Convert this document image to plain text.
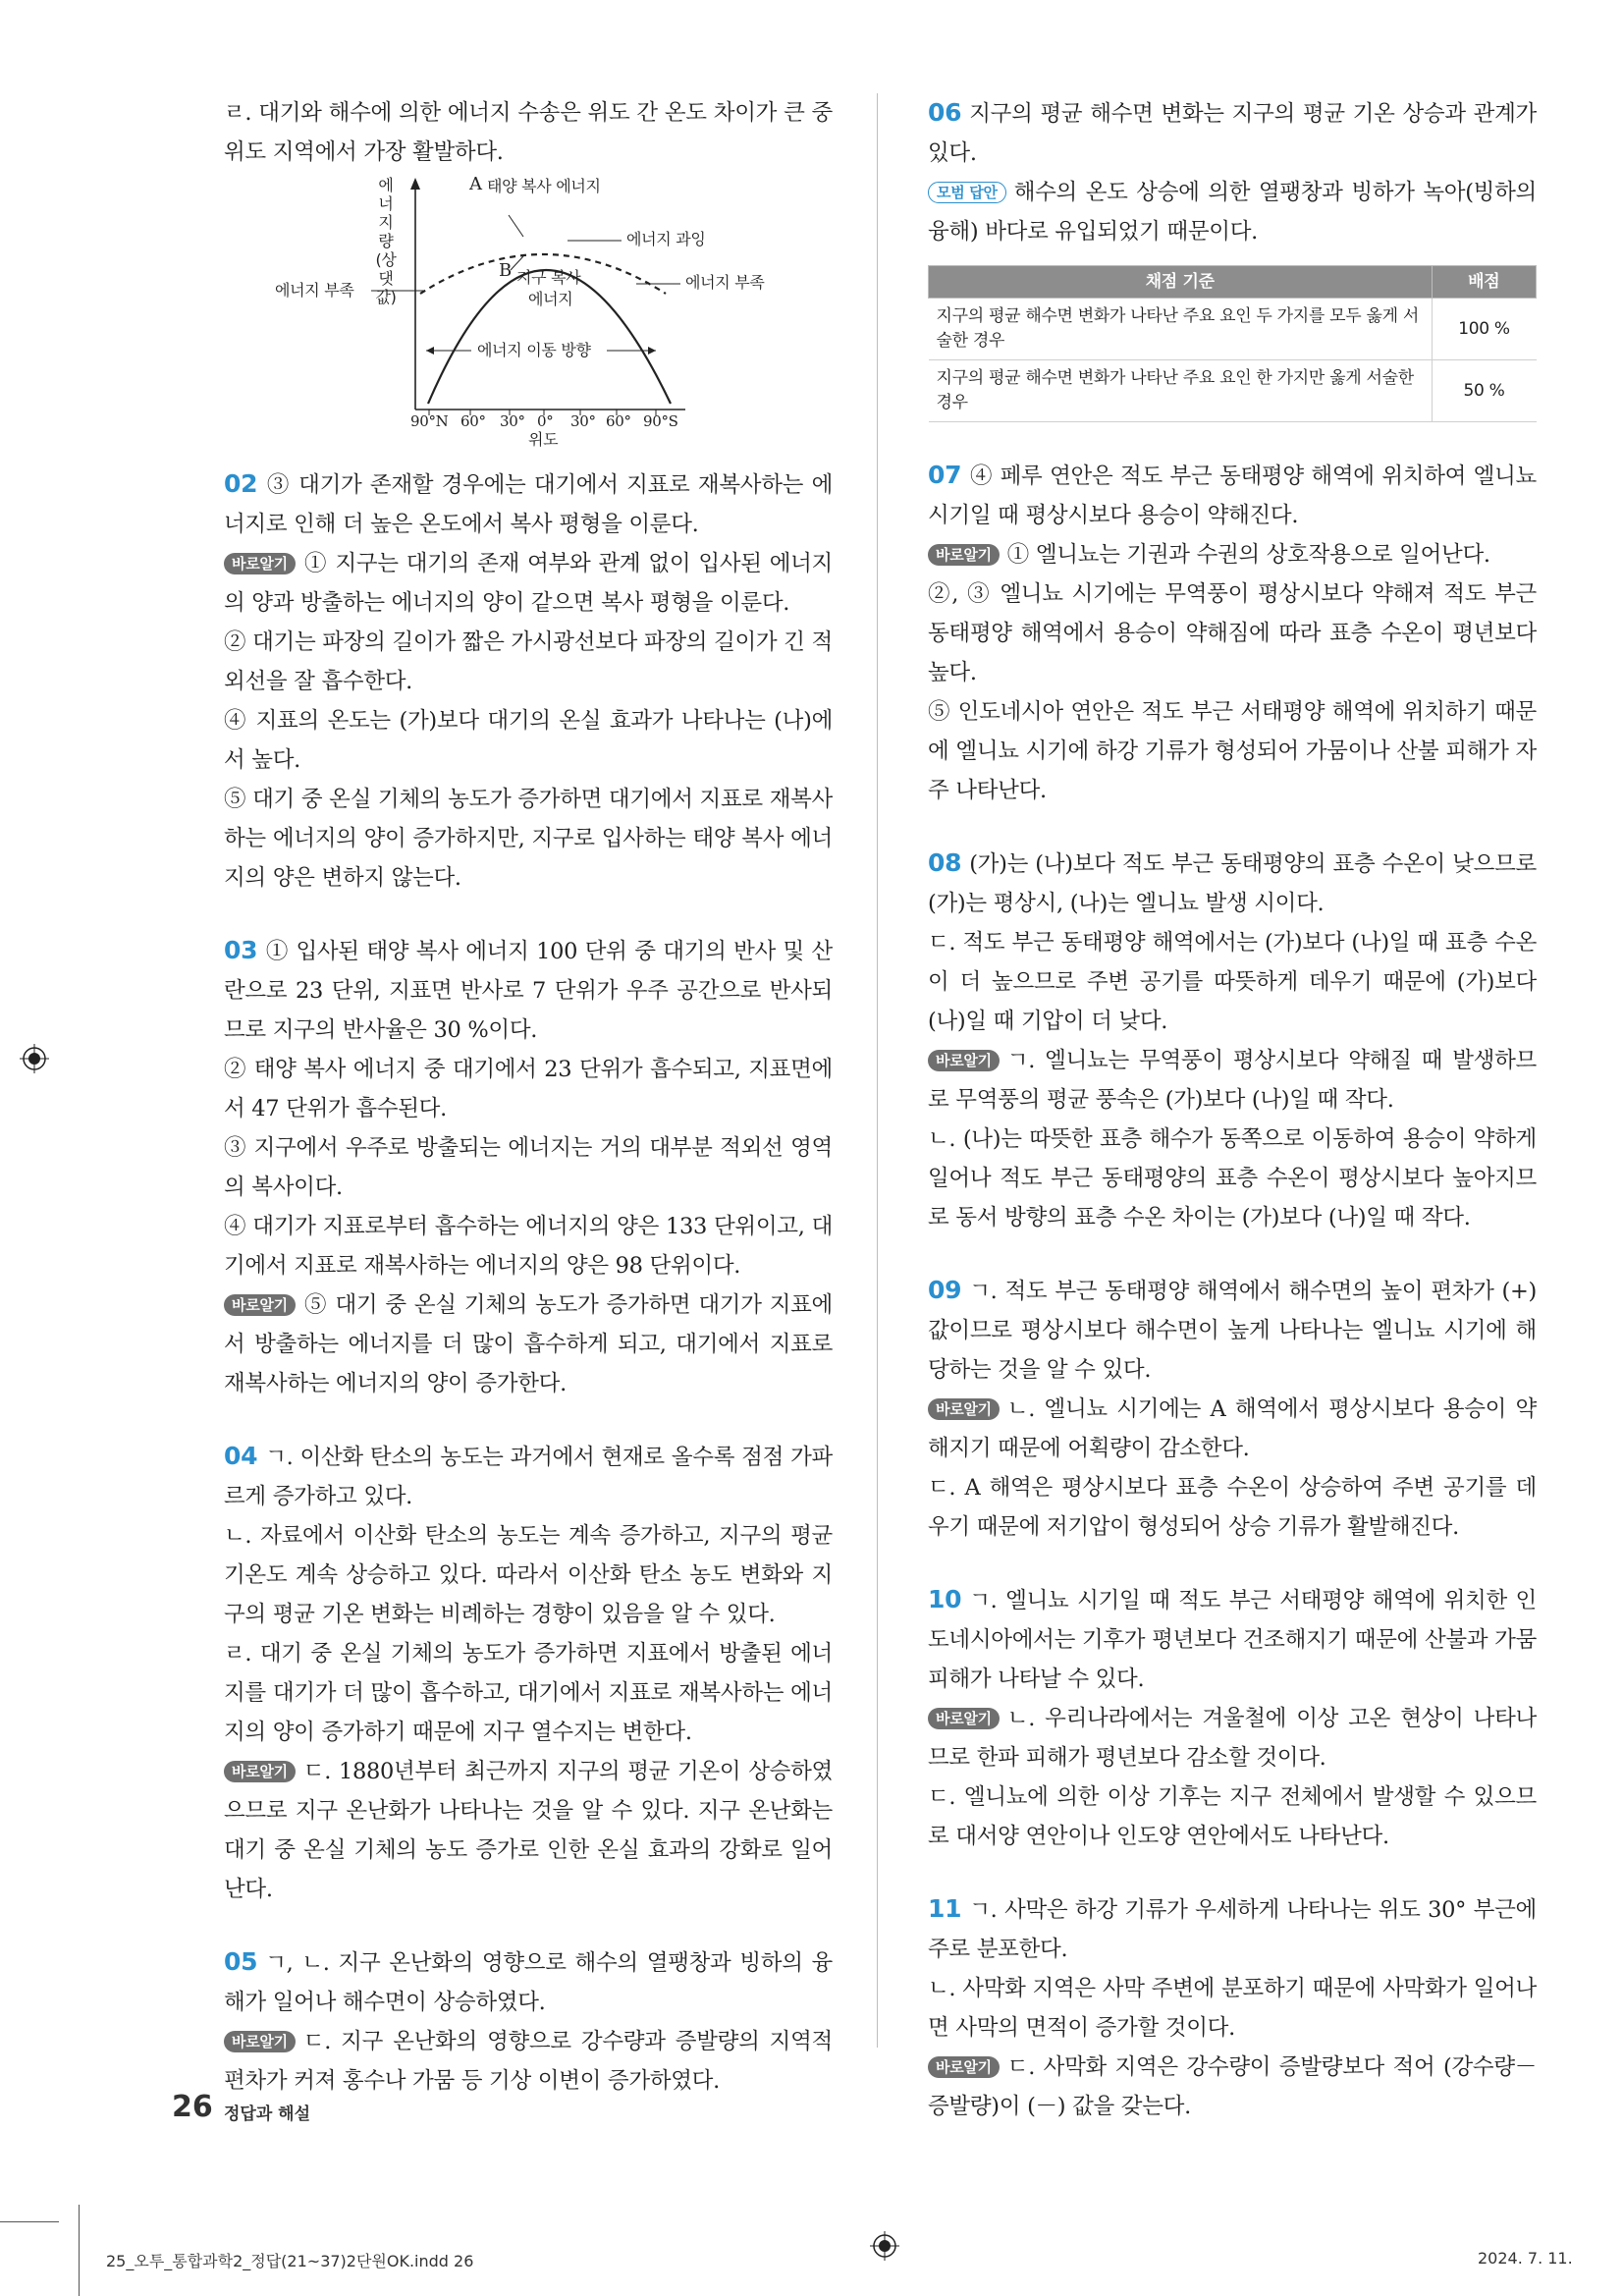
ㄹ. 대기와 해수에 의한 에너지 수송은 위도 간 온도 차이가 큰 중위도 지역에서 가장 활발하다.

에너지량(상댓값)
A 태양 복사 에너지
에너지 과잉
B 지구 복사
에너지
에너지 부족
에너지 부족
에너지 이동 방향
90°N 60° 30° 0° 30° 60° 90°S
위도

02 ③ 대기가 존재할 경우에는 대기에서 지표로 재복사하는 에너지로 인해 더 높은 온도에서 복사 평형을 이룬다.

바로알기 ① 지구는 대기의 존재 여부와 관계 없이 입사된 에너지의 양과 방출하는 에너지의 양이 같으면 복사 평형을 이룬다.

② 대기는 파장의 길이가 짧은 가시광선보다 파장의 길이가 긴 적외선을 잘 흡수한다.

④ 지표의 온도는 (가)보다 대기의 온실 효과가 나타나는 (나)에서 높다.

⑤ 대기 중 온실 기체의 농도가 증가하면 대기에서 지표로 재복사하는 에너지의 양이 증가하지만, 지구로 입사하는 태양 복사 에너지의 양은 변하지 않는다.

03 ① 입사된 태양 복사 에너지 100 단위 중 대기의 반사 및 산란으로 23 단위, 지표면 반사로 7 단위가 우주 공간으로 반사되므로 지구의 반사율은 30 %이다.

② 태양 복사 에너지 중 대기에서 23 단위가 흡수되고, 지표면에서 47 단위가 흡수된다.

③ 지구에서 우주로 방출되는 에너지는 거의 대부분 적외선 영역의 복사이다.

④ 대기가 지표로부터 흡수하는 에너지의 양은 133 단위이고, 대기에서 지표로 재복사하는 에너지의 양은 98 단위이다.

바로알기 ⑤ 대기 중 온실 기체의 농도가 증가하면 대기가 지표에서 방출하는 에너지를 더 많이 흡수하게 되고, 대기에서 지표로 재복사하는 에너지의 양이 증가한다.

04 ㄱ. 이산화 탄소의 농도는 과거에서 현재로 올수록 점점 가파르게 증가하고 있다.

ㄴ. 자료에서 이산화 탄소의 농도는 계속 증가하고, 지구의 평균 기온도 계속 상승하고 있다. 따라서 이산화 탄소 농도 변화와 지구의 평균 기온 변화는 비례하는 경향이 있음을 알 수 있다.

ㄹ. 대기 중 온실 기체의 농도가 증가하면 지표에서 방출된 에너지를 대기가 더 많이 흡수하고, 대기에서 지표로 재복사하는 에너지의 양이 증가하기 때문에 지구 열수지는 변한다.

바로알기 ㄷ. 1880년부터 최근까지 지구의 평균 기온이 상승하였으므로 지구 온난화가 나타나는 것을 알 수 있다. 지구 온난화는 대기 중 온실 기체의 농도 증가로 인한 온실 효과의 강화로 일어난다.

05 ㄱ, ㄴ. 지구 온난화의 영향으로 해수의 열팽창과 빙하의 융해가 일어나 해수면이 상승하였다.

바로알기 ㄷ. 지구 온난화의 영향으로 강수량과 증발량의 지역적 편차가 커져 홍수나 가뭄 등 기상 이변이 증가하였다.

06 지구의 평균 해수면 변화는 지구의 평균 기온 상승과 관계가 있다.

모범 답안 해수의 온도 상승에 의한 열팽창과 빙하가 녹아(빙하의 융해) 바다로 유입되었기 때문이다.

채점 기준	배점
지구의 평균 해수면 변화가 나타난 주요 요인 두 가지를 모두 옳게 서술한 경우	100 %
지구의 평균 해수면 변화가 나타난 주요 요인 한 가지만 옳게 서술한 경우	50 %

07 ④ 페루 연안은 적도 부근 동태평양 해역에 위치하여 엘니뇨 시기일 때 평상시보다 용승이 약해진다.

바로알기 ① 엘니뇨는 기권과 수권의 상호작용으로 일어난다.

②, ③ 엘니뇨 시기에는 무역풍이 평상시보다 약해져 적도 부근 동태평양 해역에서 용승이 약해짐에 따라 표층 수온이 평년보다 높다.

⑤ 인도네시아 연안은 적도 부근 서태평양 해역에 위치하기 때문에 엘니뇨 시기에 하강 기류가 형성되어 가뭄이나 산불 피해가 자주 나타난다.

08 (가)는 (나)보다 적도 부근 동태평양의 표층 수온이 낮으므로 (가)는 평상시, (나)는 엘니뇨 발생 시이다.

ㄷ. 적도 부근 동태평양 해역에서는 (가)보다 (나)일 때 표층 수온이 더 높으므로 주변 공기를 따뜻하게 데우기 때문에 (가)보다 (나)일 때 기압이 더 낮다.

바로알기 ㄱ. 엘니뇨는 무역풍이 평상시보다 약해질 때 발생하므로 무역풍의 평균 풍속은 (가)보다 (나)일 때 작다.

ㄴ. (나)는 따뜻한 표층 해수가 동쪽으로 이동하여 용승이 약하게 일어나 적도 부근 동태평양의 표층 수온이 평상시보다 높아지므로 동서 방향의 표층 수온 차이는 (가)보다 (나)일 때 작다.

09 ㄱ. 적도 부근 동태평양 해역에서 해수면의 높이 편차가 (+) 값이므로 평상시보다 해수면이 높게 나타나는 엘니뇨 시기에 해당하는 것을 알 수 있다.

바로알기 ㄴ. 엘니뇨 시기에는 A 해역에서 평상시보다 용승이 약해지기 때문에 어획량이 감소한다.

ㄷ. A 해역은 평상시보다 표층 수온이 상승하여 주변 공기를 데우기 때문에 저기압이 형성되어 상승 기류가 활발해진다.

10 ㄱ. 엘니뇨 시기일 때 적도 부근 서태평양 해역에 위치한 인도네시아에서는 기후가 평년보다 건조해지기 때문에 산불과 가뭄 피해가 나타날 수 있다.

바로알기 ㄴ. 우리나라에서는 겨울철에 이상 고온 현상이 나타나므로 한파 피해가 평년보다 감소할 것이다.

ㄷ. 엘니뇨에 의한 이상 기후는 지구 전체에서 발생할 수 있으므로 대서양 연안이나 인도양 연안에서도 나타난다.

11 ㄱ. 사막은 하강 기류가 우세하게 나타나는 위도 30° 부근에 주로 분포한다.

ㄴ. 사막화 지역은 사막 주변에 분포하기 때문에 사막화가 일어나면 사막의 면적이 증가할 것이다.

바로알기 ㄷ. 사막화 지역은 강수량이 증발량보다 적어 (강수량－증발량)이 (－) 값을 갖는다.

26 정답과 해설
25_오투_통합과학2_정답(21~37)2단원OK.indd 26	2024. 7. 11.
